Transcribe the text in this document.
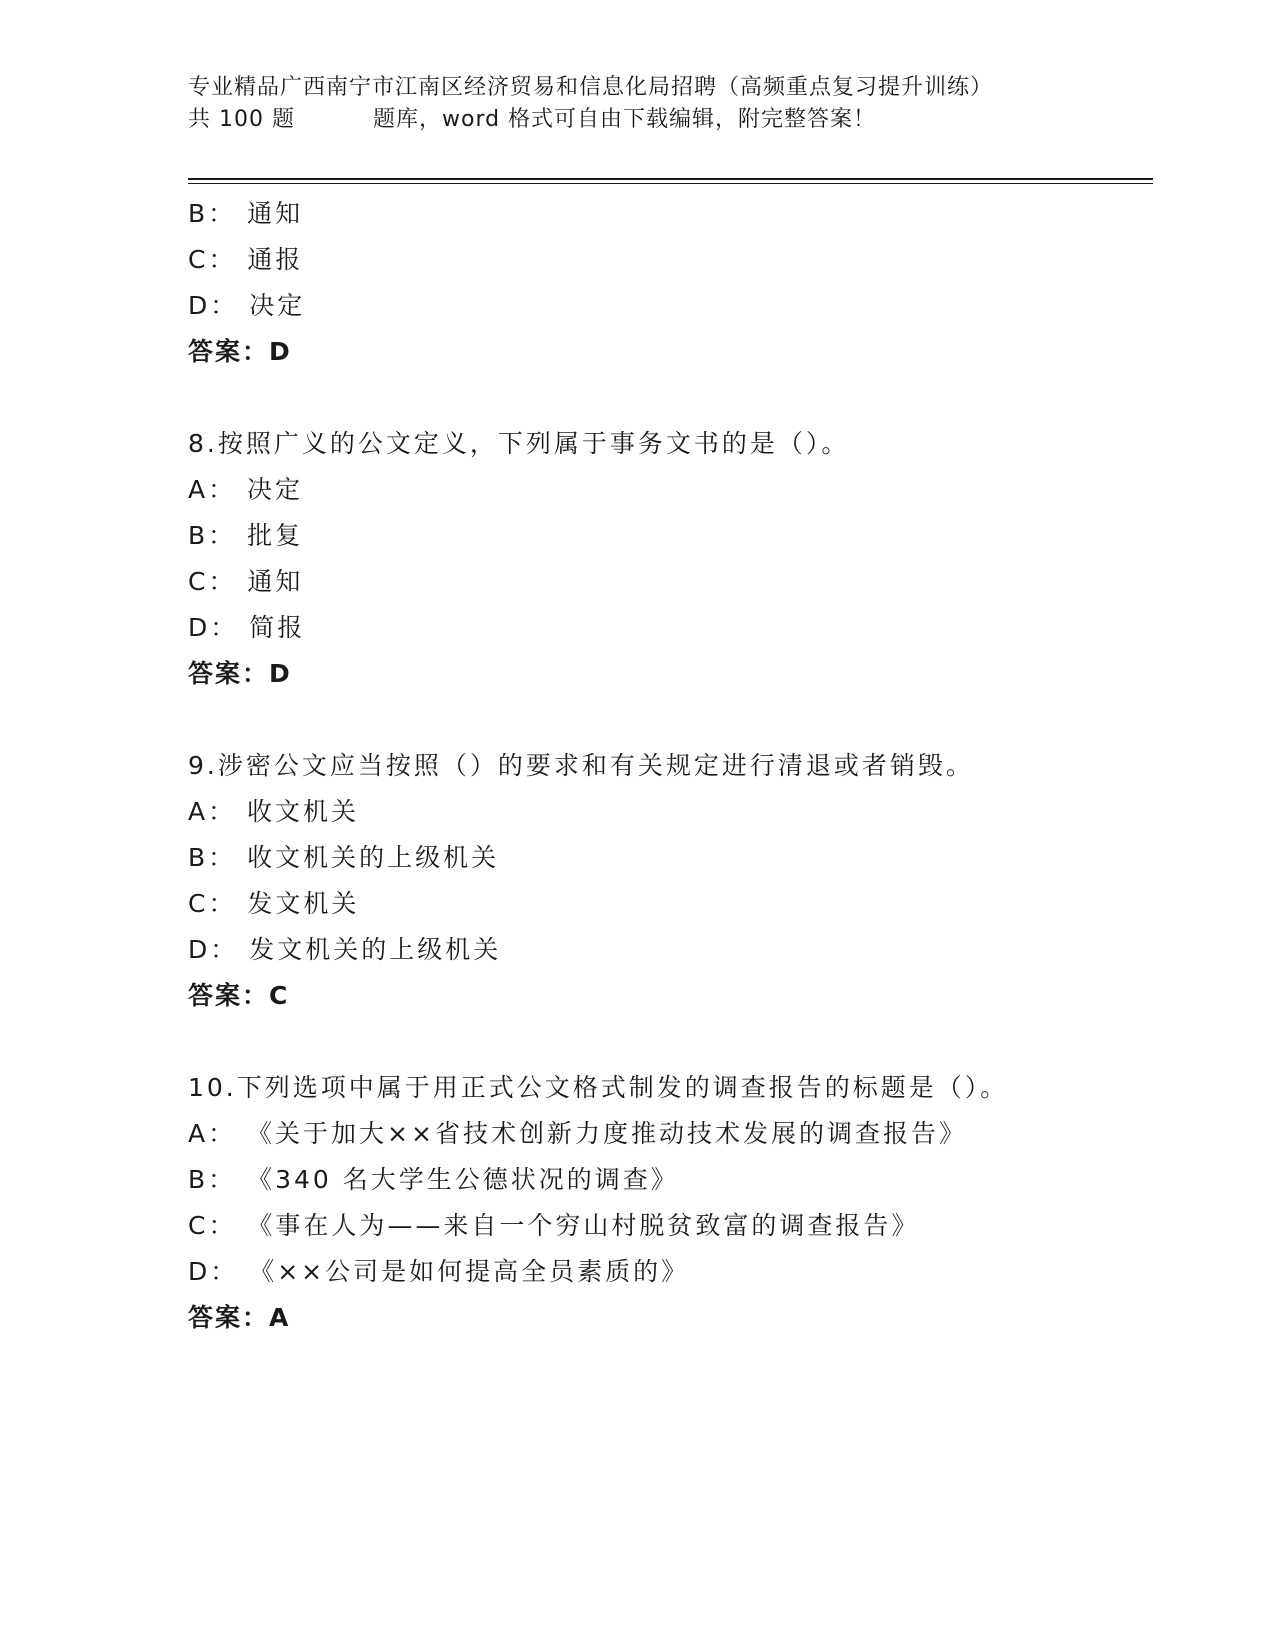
专业精品广西南宁市江南区经济贸易和信息化局招聘（高频重点复习提升训练）
共 100 题	题库，word 格式可自由下载编辑，附完整答案！
B： 通知
C： 通报
D： 决定
答案：D
8.按照广义的公文定义，下列属于事务文书的是（）。
A： 决定
B： 批复
C： 通知
D： 简报
答案：D
9.涉密公文应当按照（）的要求和有关规定进行清退或者销毁。
A： 收文机关
B： 收文机关的上级机关
C： 发文机关
D： 发文机关的上级机关
答案：C
10.下列选项中属于用正式公文格式制发的调查报告的标题是（）。
A： 《关于加大××省技术创新力度推动技术发展的调查报告》
B： 《340 名大学生公德状况的调查》
C： 《事在人为——来自一个穷山村脱贫致富的调查报告》
D： 《××公司是如何提高全员素质的》
答案：A
